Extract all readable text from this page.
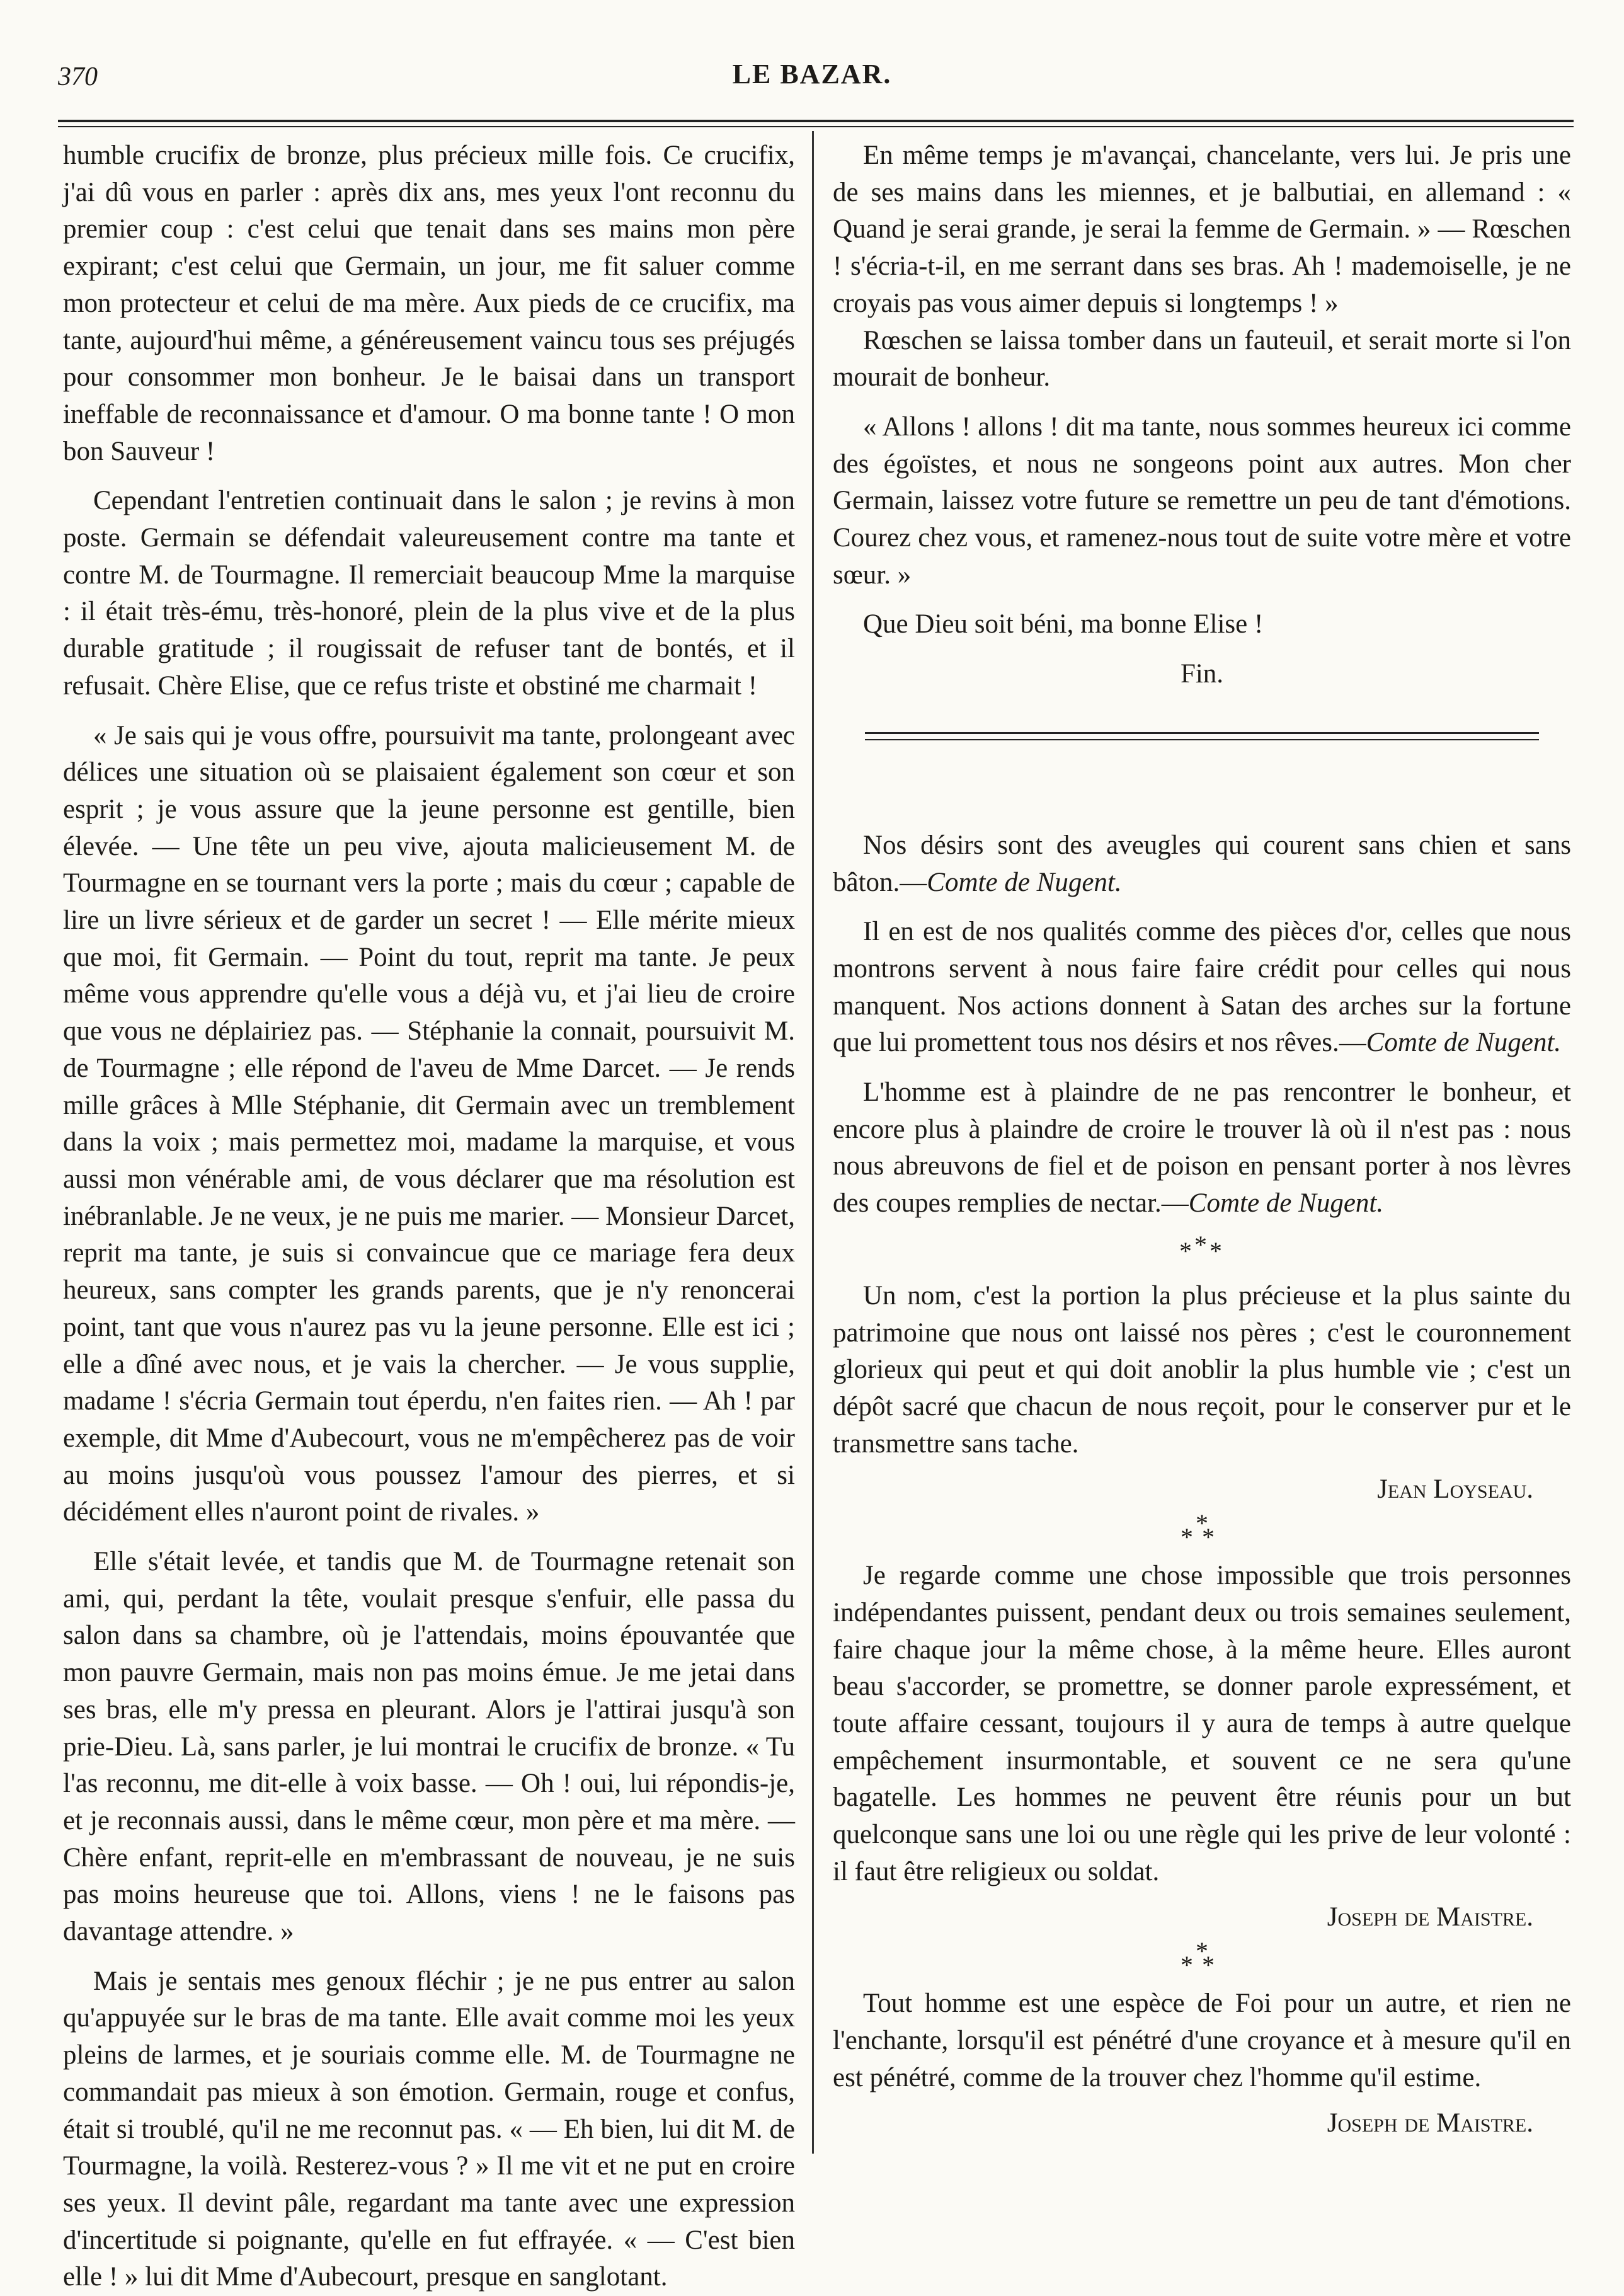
370	LE BAZAR.

humble crucifix de bronze, plus précieux mille fois. Ce crucifix, j'ai dû vous en parler : après dix ans, mes yeux l'ont reconnu du premier coup : c'est celui que tenait dans ses mains mon père expirant; c'est celui que Germain, un jour, me fit saluer comme mon protecteur et celui de ma mère. Aux pieds de ce crucifix, ma tante, aujourd'hui même, a généreusement vaincu tous ses préjugés pour consommer mon bonheur. Je le baisai dans un transport ineffable de reconnaissance et d'amour. O ma bonne tante ! O mon bon Sauveur !

Cependant l'entretien continuait dans le salon ; je revins à mon poste. Germain se défendait valeureusement contre ma tante et contre M. de Tourmagne. Il remerciait beaucoup Mme la marquise : il était très-ému, très-honoré, plein de la plus vive et de la plus durable gratitude ; il rougissait de refuser tant de bontés, et il refusait. Chère Elise, que ce refus triste et obstiné me charmait !

« Je sais qui je vous offre, poursuivit ma tante, prolongeant avec délices une situation où se plaisaient également son cœur et son esprit ; je vous assure que la jeune personne est gentille, bien élevée. — Une tête un peu vive, ajouta malicieusement M. de Tourmagne en se tournant vers la porte ; mais du cœur ; capable de lire un livre sérieux et de garder un secret ! — Elle mérite mieux que moi, fit Germain. — Point du tout, reprit ma tante. Je peux même vous apprendre qu'elle vous a déjà vu, et j'ai lieu de croire que vous ne déplairiez pas. — Stéphanie la connait, poursuivit M. de Tourmagne ; elle répond de l'aveu de Mme Darcet. — Je rends mille grâces à Mlle Stéphanie, dit Germain avec un tremblement dans la voix ; mais permettez moi, madame la marquise, et vous aussi mon vénérable ami, de vous déclarer que ma résolution est inébranlable. Je ne veux, je ne puis me marier. — Monsieur Darcet, reprit ma tante, je suis si convaincue que ce mariage fera deux heureux, sans compter les grands parents, que je n'y renoncerai point, tant que vous n'aurez pas vu la jeune personne. Elle est ici ; elle a dîné avec nous, et je vais la chercher. — Je vous supplie, madame ! s'écria Germain tout éperdu, n'en faites rien. — Ah ! par exemple, dit Mme d'Aubecourt, vous ne m'empêcherez pas de voir au moins jusqu'où vous poussez l'amour des pierres, et si décidément elles n'auront point de rivales. »

Elle s'était levée, et tandis que M. de Tourmagne retenait son ami, qui, perdant la tête, voulait presque s'enfuir, elle passa du salon dans sa chambre, où je l'attendais, moins épouvantée que mon pauvre Germain, mais non pas moins émue. Je me jetai dans ses bras, elle m'y pressa en pleurant. Alors je l'attirai jusqu'à son prie-Dieu. Là, sans parler, je lui montrai le crucifix de bronze. « Tu l'as reconnu, me dit-elle à voix basse. — Oh ! oui, lui répondis-je, et je reconnais aussi, dans le même cœur, mon père et ma mère. — Chère enfant, reprit-elle en m'embrassant de nouveau, je ne suis pas moins heureuse que toi. Allons, viens ! ne le faisons pas davantage attendre. »

Mais je sentais mes genoux fléchir ; je ne pus entrer au salon qu'appuyée sur le bras de ma tante. Elle avait comme moi les yeux pleins de larmes, et je souriais comme elle. M. de Tourmagne ne commandait pas mieux à son émotion. Germain, rouge et confus, était si troublé, qu'il ne me reconnut pas. « — Eh bien, lui dit M. de Tourmagne, la voilà. Resterez-vous ? » Il me vit et ne put en croire ses yeux. Il devint pâle, regardant ma tante avec une expression d'incertitude si poignante, qu'elle en fut effrayée. « — C'est bien elle ! » lui dit Mme d'Aubecourt, presque en sanglotant.

En même temps je m'avançai, chancelante, vers lui. Je pris une de ses mains dans les miennes, et je balbutiai, en allemand : « Quand je serai grande, je serai la femme de Germain. » — Rœschen ! s'écria-t-il, en me serrant dans ses bras. Ah ! mademoiselle, je ne croyais pas vous aimer depuis si longtemps ! »

Rœschen se laissa tomber dans un fauteuil, et serait morte si l'on mourait de bonheur.

« Allons ! allons ! dit ma tante, nous sommes heureux ici comme des égoïstes, et nous ne songeons point aux autres. Mon cher Germain, laissez votre future se remettre un peu de tant d'émotions. Courez chez vous, et ramenez-nous tout de suite votre mère et votre sœur. »

Que Dieu soit béni, ma bonne Elise !

Fin.

Nos désirs sont des aveugles qui courent sans chien et sans bâton.—Comte de Nugent.

Il en est de nos qualités comme des pièces d'or, celles que nous montrons servent à nous faire faire crédit pour celles qui nous manquent. Nos actions donnent à Satan des arches sur la fortune que lui promettent tous nos désirs et nos rêves.—Comte de Nugent.

L'homme est à plaindre de ne pas rencontrer le bonheur, et encore plus à plaindre de croire le trouver là où il n'est pas : nous nous abreuvons de fiel et de poison en pensant porter à nos lèvres des coupes remplies de nectar.—Comte de Nugent.

***

Un nom, c'est la portion la plus précieuse et la plus sainte du patrimoine que nous ont laissé nos pères ; c'est le couronnement glorieux qui peut et qui doit anoblir la plus humble vie ; c'est un dépôt sacré que chacun de nous reçoit, pour le conserver pur et le transmettre sans tache.

Jean Loyseau.

*
**

Je regarde comme une chose impossible que trois personnes indépendantes puissent, pendant deux ou trois semaines seulement, faire chaque jour la même chose, à la même heure. Elles auront beau s'accorder, se promettre, se donner parole expressément, et toute affaire cessant, toujours il y aura de temps à autre quelque empêchement insurmontable, et souvent ce ne sera qu'une bagatelle. Les hommes ne peuvent être réunis pour un but quelconque sans une loi ou une règle qui les prive de leur volonté : il faut être religieux ou soldat.

Joseph de Maistre.

*
**

Tout homme est une espèce de Foi pour un autre, et rien ne l'enchante, lorsqu'il est pénétré d'une croyance et à mesure qu'il en est pénétré, comme de la trouver chez l'homme qu'il estime.

Joseph de Maistre.
